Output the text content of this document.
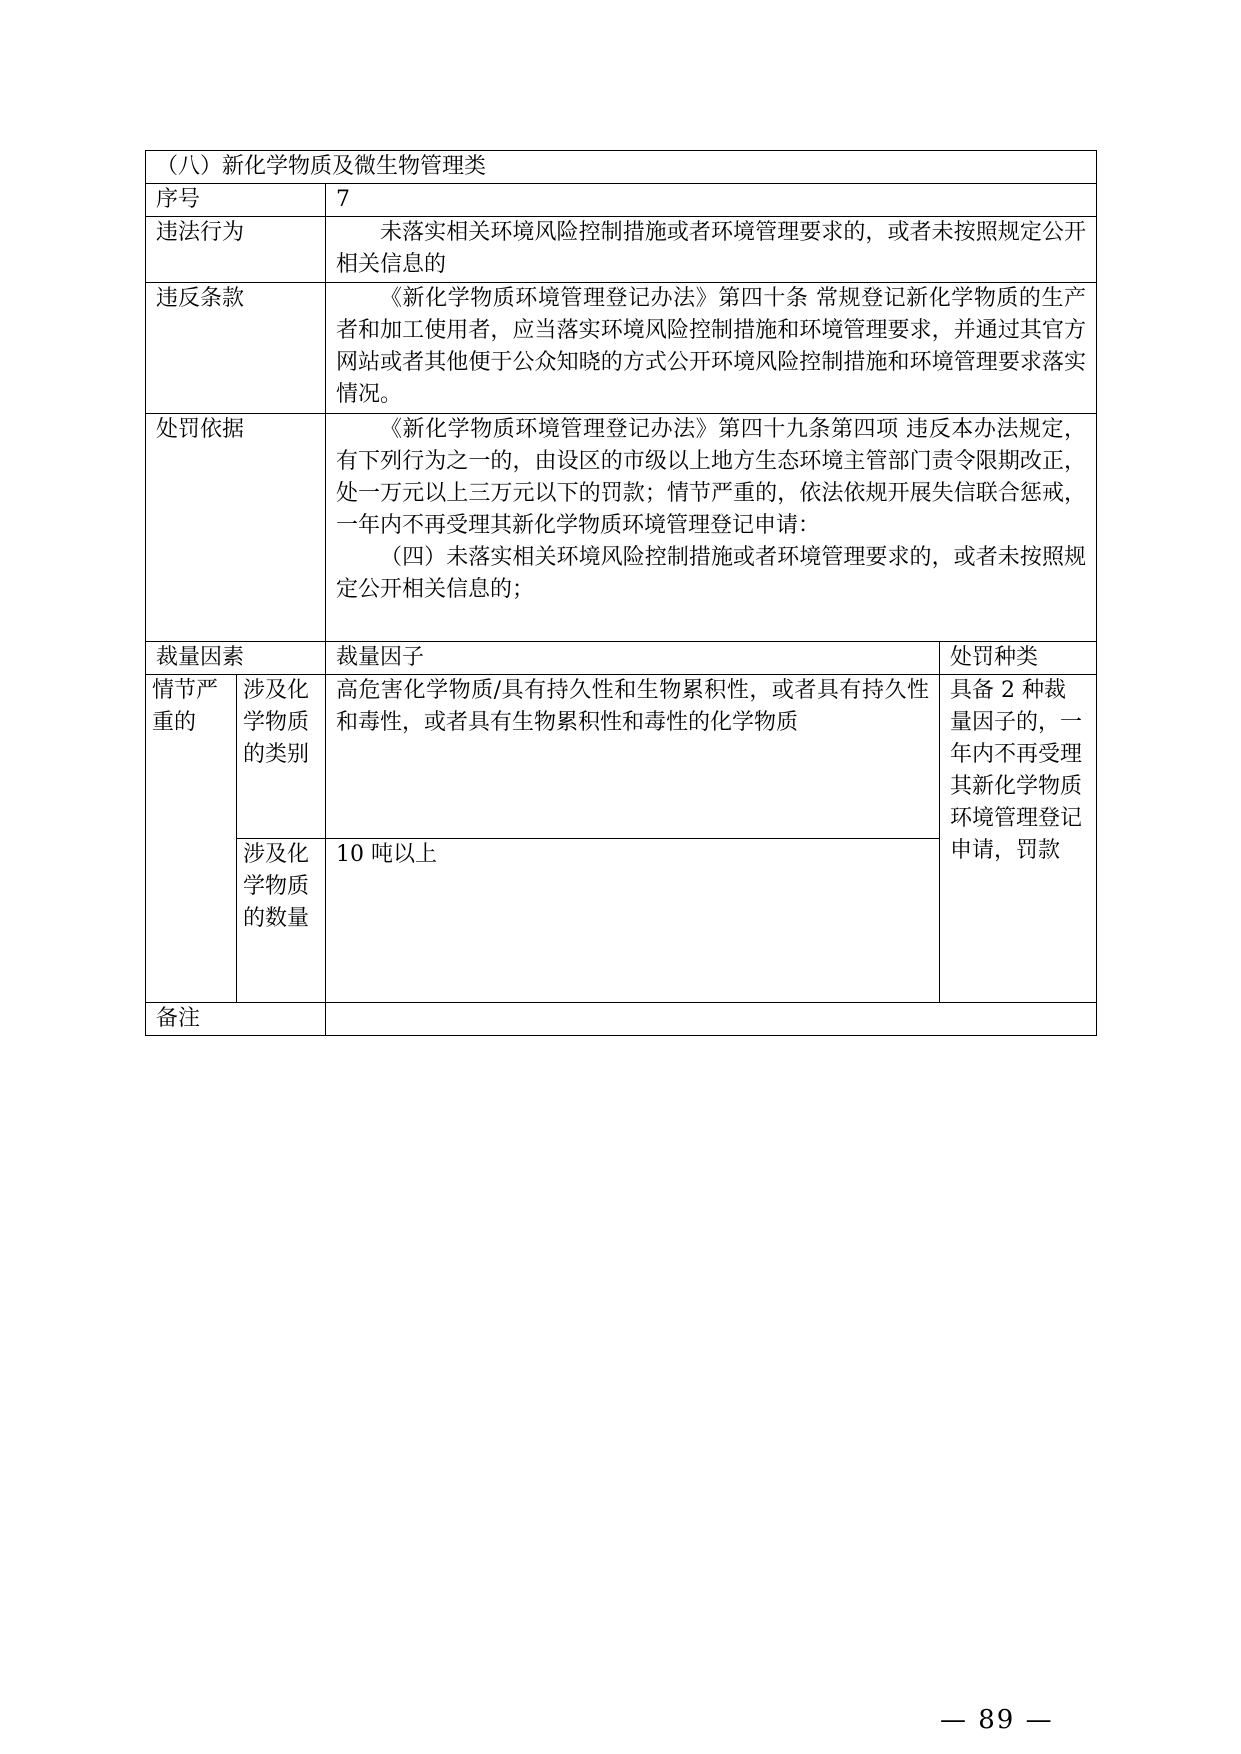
（八）新化学物质及微生物管理类			
序号		7	
违法行为		未落实相关环境风险控制措施或者环境管理要求的，或者未按照规定公开相关信息的	
违反条款		《新化学物质环境管理登记办法》第四十条 常规登记新化学物质的生产者和加工使用者，应当落实环境风险控制措施和环境管理要求，并通过其官方网站或者其他便于公众知晓的方式公开环境风险控制措施和环境管理要求落实情况。	
处罚依据		《新化学物质环境管理登记办法》第四十九条第四项 违反本办法规定，有下列行为之一的，由设区的市级以上地方生态环境主管部门责令限期改正，处一万元以上三万元以下的罚款；情节严重的，依法依规开展失信联合惩戒，一年内不再受理其新化学物质环境管理登记申请：
（四）未落实相关环境风险控制措施或者环境管理要求的，或者未按照规定公开相关信息的；	

裁量因素		裁量因子	处罚种类
情节严重的	涉及化学物质的类别	高危害化学物质/具有持久性和生物累积性，或者具有持久性和毒性，或者具有生物累积性和毒性的化学物质	具备 2 种裁量因子的，一年内不再受理其新化学物质环境管理登记申请，罚款
	涉及化学物质的数量	10 吨以上	
备注			
— 89 —
